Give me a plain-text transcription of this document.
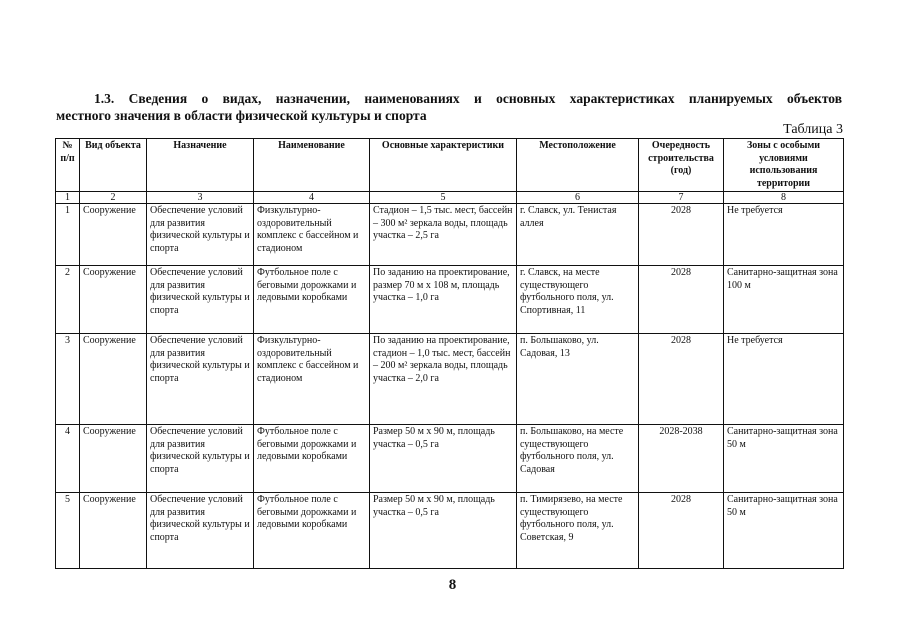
1.3. Сведения о видах, назначении, наименованиях и основных характеристиках планируемых объектов
местного значения в области физической культуры и спорта

Таблица 3

№ п/п	Вид объекта	Назначение	Наименование	Основные характеристики	Местоположение	Очередность строительства (год)	Зоны с особыми условиями использования территории
1	2	3	4	5	6	7	8
1	Сооружение	Обеспечение условий для развития физической культуры и спорта	Физкультурно-оздоровительный комплекс с бассейном и стадионом	Стадион – 1,5 тыс. мест, бассейн – 300 м² зеркала воды, площадь участка – 2,5 га	г. Славск, ул. Тенистая аллея	2028	Не требуется
2	Сооружение	Обеспечение условий для развития физической культуры и спорта	Футбольное поле с беговыми дорожками и ледовыми коробками	По заданию на проектирование, размер 70 м х 108 м, площадь участка – 1,0 га	г. Славск, на месте существующего футбольного поля, ул. Спортивная, 11	2028	Санитарно-защитная зона 100 м
3	Сооружение	Обеспечение условий для развития физической культуры и спорта	Физкультурно-оздоровительный комплекс с бассейном и стадионом	По заданию на проектирование, стадион – 1,0 тыс. мест, бассейн – 200 м² зеркала воды, площадь участка – 2,0 га	п. Большаково, ул. Садовая, 13	2028	Не требуется
4	Сооружение	Обеспечение условий для развития физической культуры и спорта	Футбольное поле с беговыми дорожками и ледовыми коробками	Размер 50 м х 90 м, площадь участка – 0,5 га	п. Большаково, на месте существующего футбольного поля, ул. Садовая	2028-2038	Санитарно-защитная зона 50 м
5	Сооружение	Обеспечение условий для развития физической культуры и спорта	Футбольное поле с беговыми дорожками и ледовыми коробками	Размер 50 м х 90 м, площадь участка – 0,5 га	п. Тимирязево, на месте существующего футбольного поля, ул. Советская, 9	2028	Санитарно-защитная зона 50 м

8
